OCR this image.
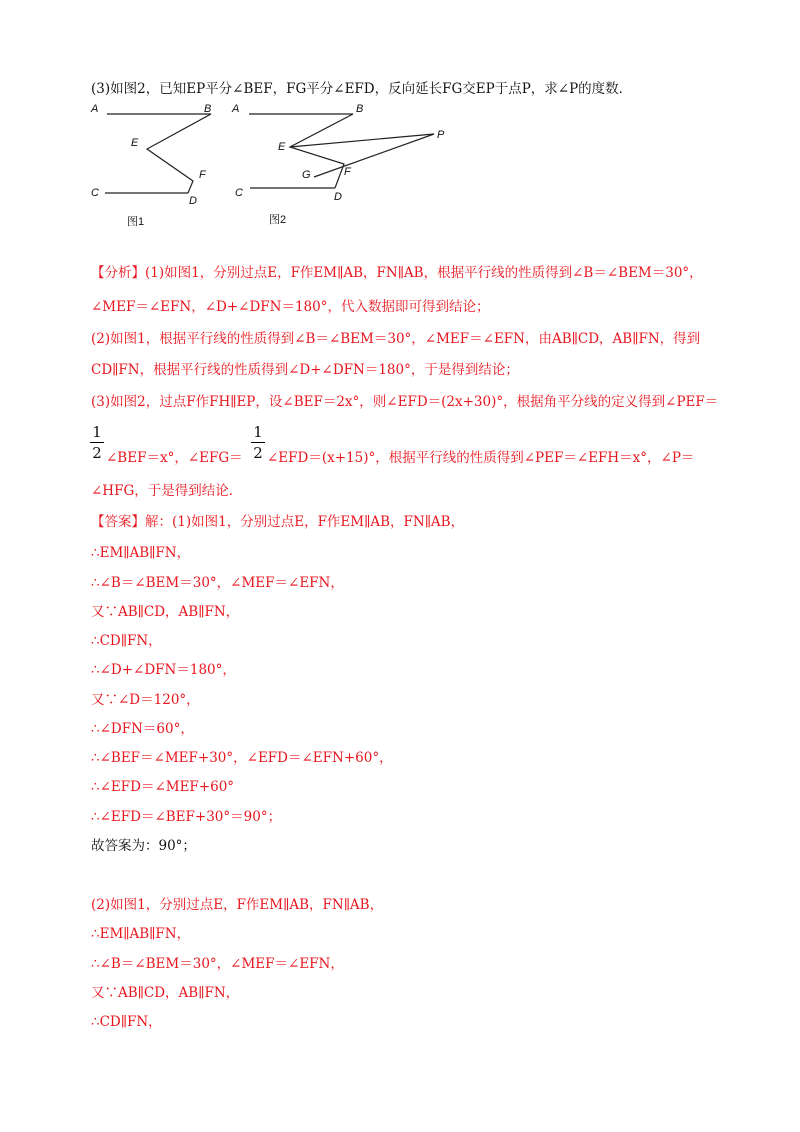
(3)如图2，已知EP平分∠BEF，FG平分∠EFD，反向延长FG交EP于点P，求∠P的度数．
A	B
E
F
C
D
图1
A	B
E
P
G	F
C	D
图2
【分析】(1)如图1，分别过点E，F作EM∥AB，FN∥AB，根据平行线的性质得到∠B＝∠BEM＝30°，
∠MEF＝∠EFN，∠D+∠DFN＝180°，代入数据即可得到结论；
(2)如图1，根据平行线的性质得到∠B＝∠BEM＝30°，∠MEF＝∠EFN，由AB∥CD，AB∥FN，得到
CD∥FN，根据平行线的性质得到∠D+∠DFN＝180°，于是得到结论；
(3)如图2，过点F作FH∥EP，设∠BEF＝2x°，则∠EFD＝(2x+30)°，根据角平分线的定义得到∠PEF＝
1
2 ∠BEF＝x°，∠EFG＝
1
2 ∠EFD＝(x+15)°，根据平行线的性质得到∠PEF＝∠EFH＝x°，∠P＝
∠HFG，于是得到结论．
【答案】解：(1)如图1，分别过点E，F作EM∥AB，FN∥AB，
∴EM∥AB∥FN，
∴∠B＝∠BEM＝30°，∠MEF＝∠EFN，
又∵AB∥CD，AB∥FN，
∴CD∥FN，
∴∠D+∠DFN＝180°，
又∵∠D＝120°，
∴∠DFN＝60°，
∴∠BEF＝∠MEF+30°，∠EFD＝∠EFN+60°，
∴∠EFD＝∠MEF+60°
∴∠EFD＝∠BEF+30°＝90°；
故答案为：90°；
(2)如图1，分别过点E，F作EM∥AB，FN∥AB，
∴EM∥AB∥FN，
∴∠B＝∠BEM＝30°，∠MEF＝∠EFN，
又∵AB∥CD，AB∥FN，
∴CD∥FN，
